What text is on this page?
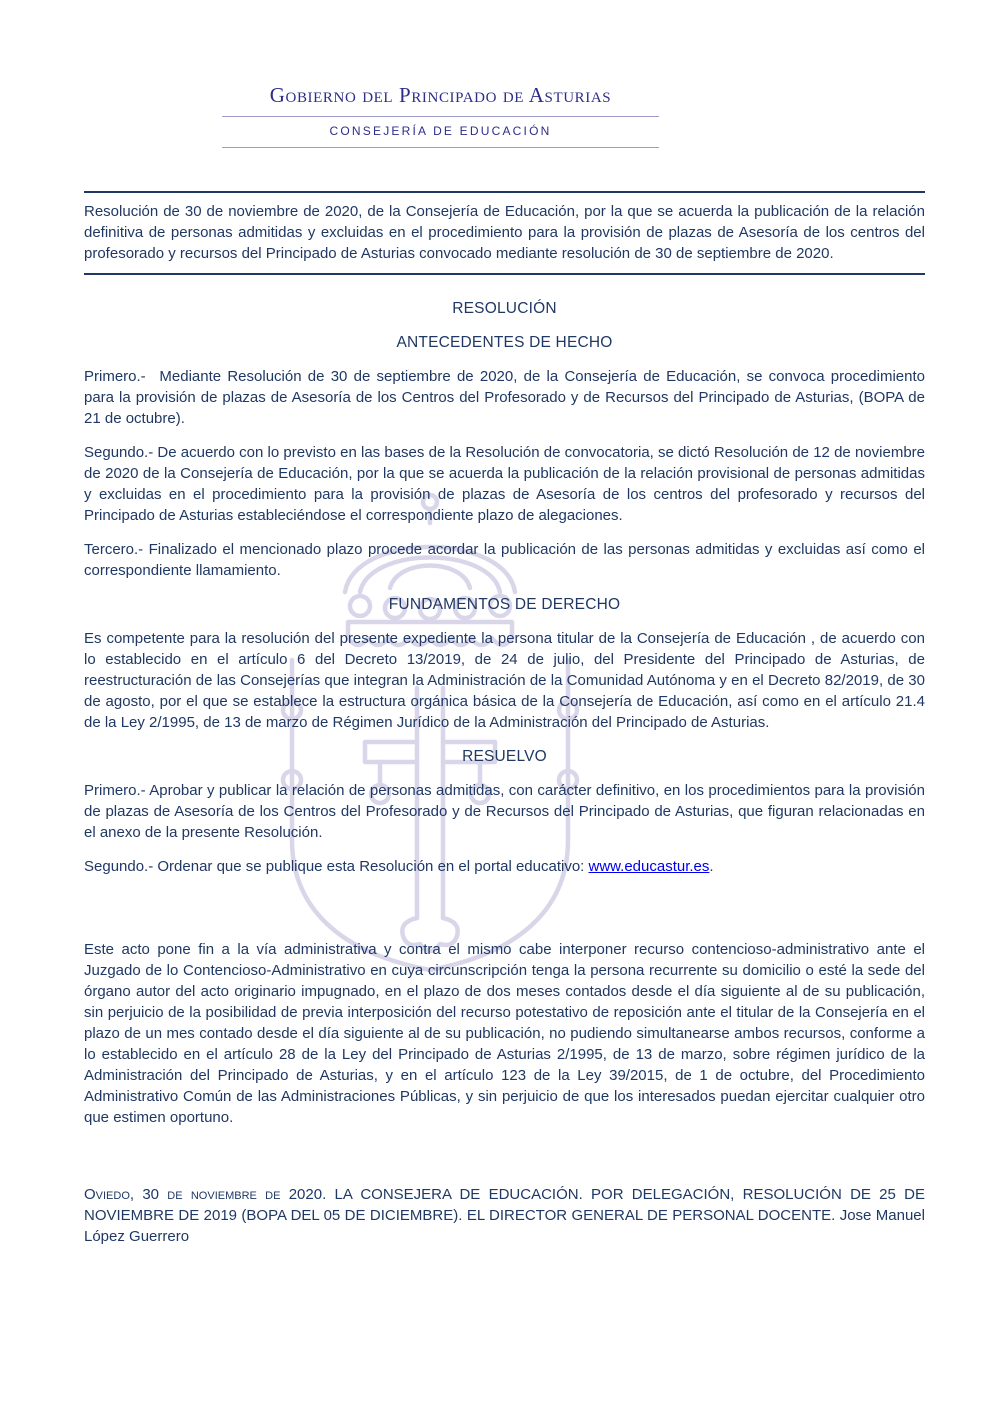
Gobierno del Principado de Asturias
CONSEJERÍA DE EDUCACIÓN

Resolución de 30 de noviembre de 2020, de la Consejería de Educación, por la que se acuerda la publicación de la relación definitiva de personas admitidas y excluidas en el procedimiento para la provisión de plazas de Asesoría de los centros del profesorado y recursos del Principado de Asturias convocado mediante resolución de 30 de septiembre de 2020.

RESOLUCIÓN
ANTECEDENTES DE HECHO

Primero.-  Mediante Resolución de 30 de septiembre de 2020, de la Consejería de Educación, se convoca procedimiento para la provisión de plazas de Asesoría de los Centros del Profesorado y de Recursos del Principado de Asturias, (BOPA de 21 de octubre).

Segundo.- De acuerdo con lo previsto en las bases de la Resolución de convocatoria, se dictó Resolución de 12 de noviembre de 2020 de la Consejería de Educación, por la que se acuerda la publicación de la relación provisional de personas admitidas y excluidas en el procedimiento para la provisión de plazas de Asesoría de los centros del profesorado y recursos del Principado de Asturias estableciéndose el correspondiente plazo de alegaciones.

Tercero.- Finalizado el mencionado plazo procede acordar la publicación de las personas admitidas y excluidas así como el correspondiente llamamiento.

FUNDAMENTOS DE DERECHO

Es competente para la resolución del presente expediente la persona titular de la Consejería de Educación , de acuerdo con lo establecido en el artículo 6 del Decreto 13/2019, de 24 de julio, del Presidente del Principado de Asturias, de reestructuración de las Consejerías que integran la Administración de la Comunidad Autónoma y en el Decreto 82/2019, de 30 de agosto, por el que se establece la estructura orgánica básica de la Consejería de Educación, así como en el artículo 21.4 de la Ley 2/1995, de 13 de marzo de Régimen Jurídico de la Administración del Principado de Asturias.

RESUELVO

Primero.- Aprobar y publicar la relación de personas admitidas, con carácter definitivo, en los procedimientos para la provisión de plazas de Asesoría de los Centros del Profesorado y de Recursos del Principado de Asturias, que figuran relacionadas en el anexo de la presente Resolución.

Segundo.- Ordenar que se publique esta Resolución en el portal educativo: www.educastur.es.

Este acto pone fin a la vía administrativa y contra el mismo cabe interponer recurso contencioso-administrativo ante el Juzgado de lo Contencioso-Administrativo en cuya circunscripción tenga la persona recurrente su domicilio o esté la sede del órgano autor del acto originario impugnado, en el plazo de dos meses contados desde el día siguiente al de su publicación, sin perjuicio de la posibilidad de previa interposición del recurso potestativo de reposición ante el titular de la Consejería en el plazo de un mes contado desde el día siguiente al de su publicación, no pudiendo simultanearse ambos recursos, conforme a lo establecido en el artículo 28 de la Ley del Principado de Asturias 2/1995, de 13 de marzo, sobre régimen jurídico de la Administración del Principado de Asturias, y en el artículo 123 de la Ley 39/2015, de 1 de octubre, del Procedimiento Administrativo Común de las Administraciones Públicas, y sin perjuicio de que los interesados puedan ejercitar cualquier otro que estimen oportuno.

Oviedo, 30 de noviembre de 2020. LA CONSEJERA DE EDUCACIÓN. POR DELEGACIÓN, RESOLUCIÓN DE 25 DE NOVIEMBRE DE 2019 (BOPA DEL 05 DE DICIEMBRE). EL DIRECTOR GENERAL DE PERSONAL DOCENTE. Jose Manuel López Guerrero
